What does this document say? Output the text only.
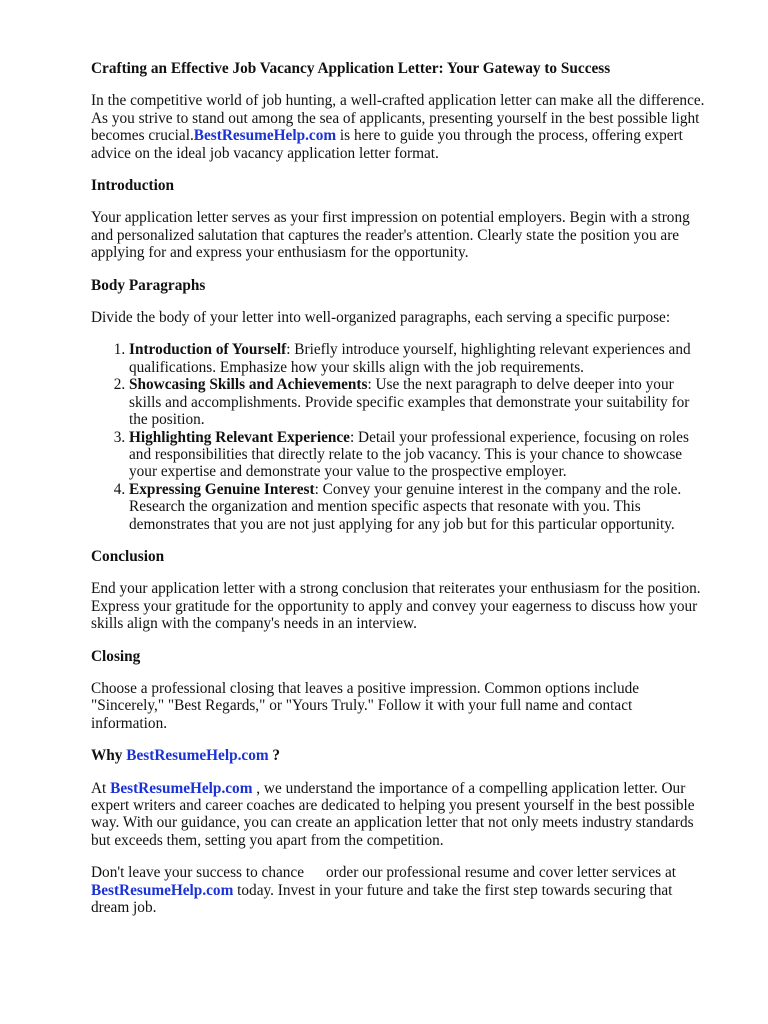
Crafting an Effective Job Vacancy Application Letter: Your Gateway to Success

In the competitive world of job hunting, a well-crafted application letter can make all the difference. As you strive to stand out among the sea of applicants, presenting yourself in the best possible light becomes crucial.BestResumeHelp.com is here to guide you through the process, offering expert advice on the ideal job vacancy application letter format.

Introduction

Your application letter serves as your first impression on potential employers. Begin with a strong and personalized salutation that captures the reader's attention. Clearly state the position you are applying for and express your enthusiasm for the opportunity.

Body Paragraphs

Divide the body of your letter into well-organized paragraphs, each serving a specific purpose:

1. Introduction of Yourself: Briefly introduce yourself, highlighting relevant experiences and qualifications. Emphasize how your skills align with the job requirements.
2. Showcasing Skills and Achievements: Use the next paragraph to delve deeper into your skills and accomplishments. Provide specific examples that demonstrate your suitability for the position.
3. Highlighting Relevant Experience: Detail your professional experience, focusing on roles and responsibilities that directly relate to the job vacancy. This is your chance to showcase your expertise and demonstrate your value to the prospective employer.
4. Expressing Genuine Interest: Convey your genuine interest in the company and the role. Research the organization and mention specific aspects that resonate with you. This demonstrates that you are not just applying for any job but for this particular opportunity.
Conclusion

End your application letter with a strong conclusion that reiterates your enthusiasm for the position. Express your gratitude for the opportunity to apply and convey your eagerness to discuss how your skills align with the company's needs in an interview.

Closing

Choose a professional closing that leaves a positive impression. Common options include "Sincerely," "Best Regards," or "Yours Truly." Follow it with your full name and contact information.

Why BestResumeHelp.com ?

At BestResumeHelp.com , we understand the importance of a compelling application letter. Our expert writers and career coaches are dedicated to helping you present yourself in the best possible way. With our guidance, you can create an application letter that not only meets industry standards but exceeds them, setting you apart from the competition.

Don't leave your success to chance order our professional resume and cover letter services at BestResumeHelp.com today. Invest in your future and take the first step towards securing that dream job.
